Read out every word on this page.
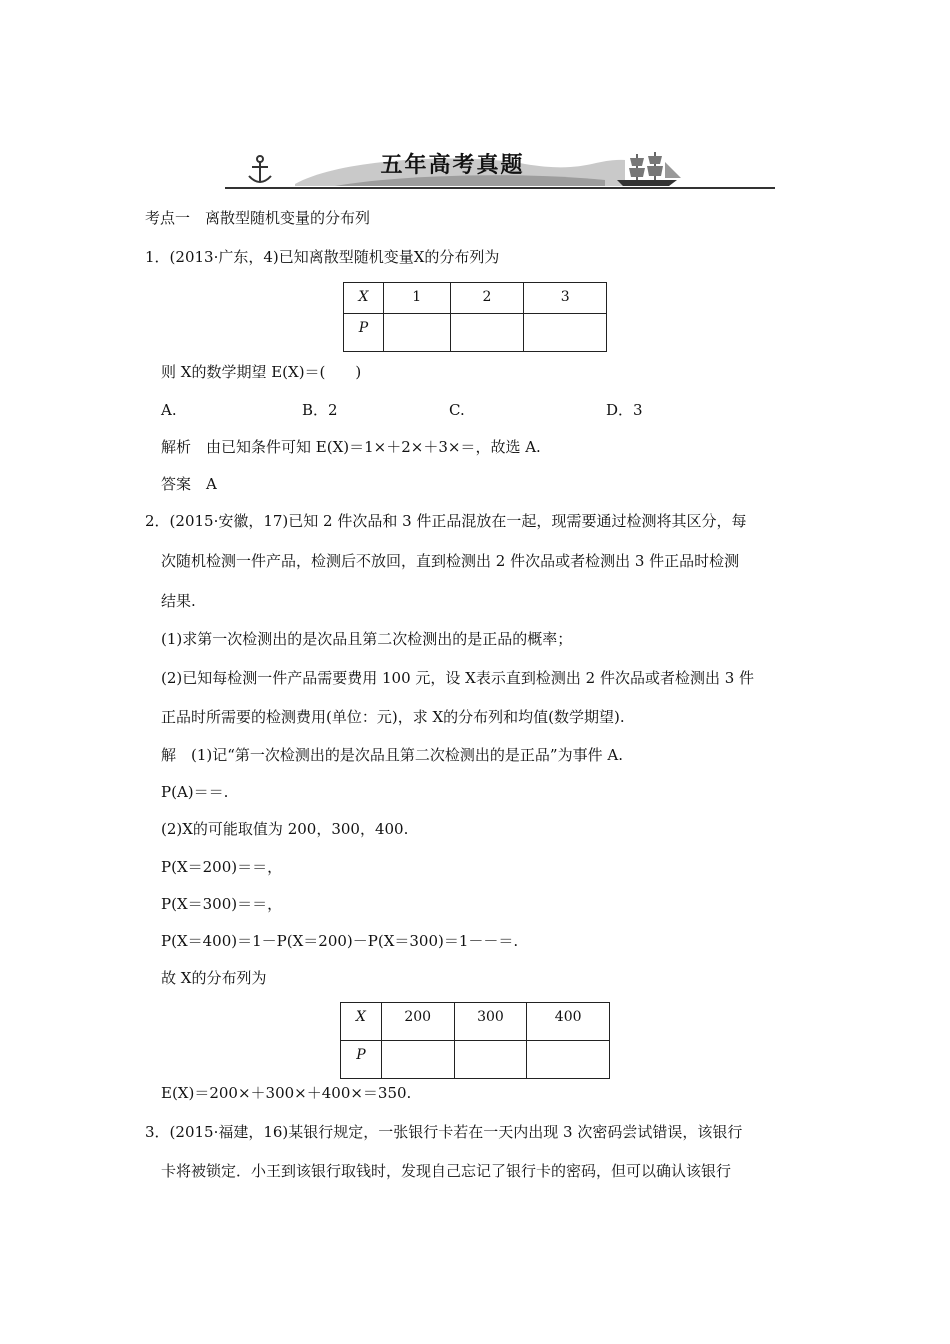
五年高考真题
考点一　离散型随机变量的分布列
1．(2013·广东，4)已知离散型随机变量X的分布列为
X	1	2	3
P			
则 X的数学期望 E(X)＝(　　)
A.	B．2	C.	D．3
解析　由已知条件可知 E(X)＝1×＋2×＋3×＝，故选 A.
答案　A
2．(2015·安徽，17)已知 2 件次品和 3 件正品混放在一起，现需要通过检测将其区分，每
次随机检测一件产品，检测后不放回，直到检测出 2 件次品或者检测出 3 件正品时检测
结果.
(1)求第一次检测出的是次品且第二次检测出的是正品的概率；
(2)已知每检测一件产品需要费用 100 元，设 X表示直到检测出 2 件次品或者检测出 3 件
正品时所需要的检测费用(单位：元)，求 X的分布列和均值(数学期望).
解　(1)记“第一次检测出的是次品且第二次检测出的是正品”为事件 A.
P(A)＝＝.
(2)X的可能取值为 200，300，400.
P(X＝200)＝＝，
P(X＝300)＝＝，
P(X＝400)＝1－P(X＝200)－P(X＝300)＝1－－＝.
故 X的分布列为
X	200	300	400
P			
E(X)＝200×＋300×＋400×＝350.
3．(2015·福建，16)某银行规定，一张银行卡若在一天内出现 3 次密码尝试错误，该银行
卡将被锁定．小王到该银行取钱时，发现自己忘记了银行卡的密码，但可以确认该银行
